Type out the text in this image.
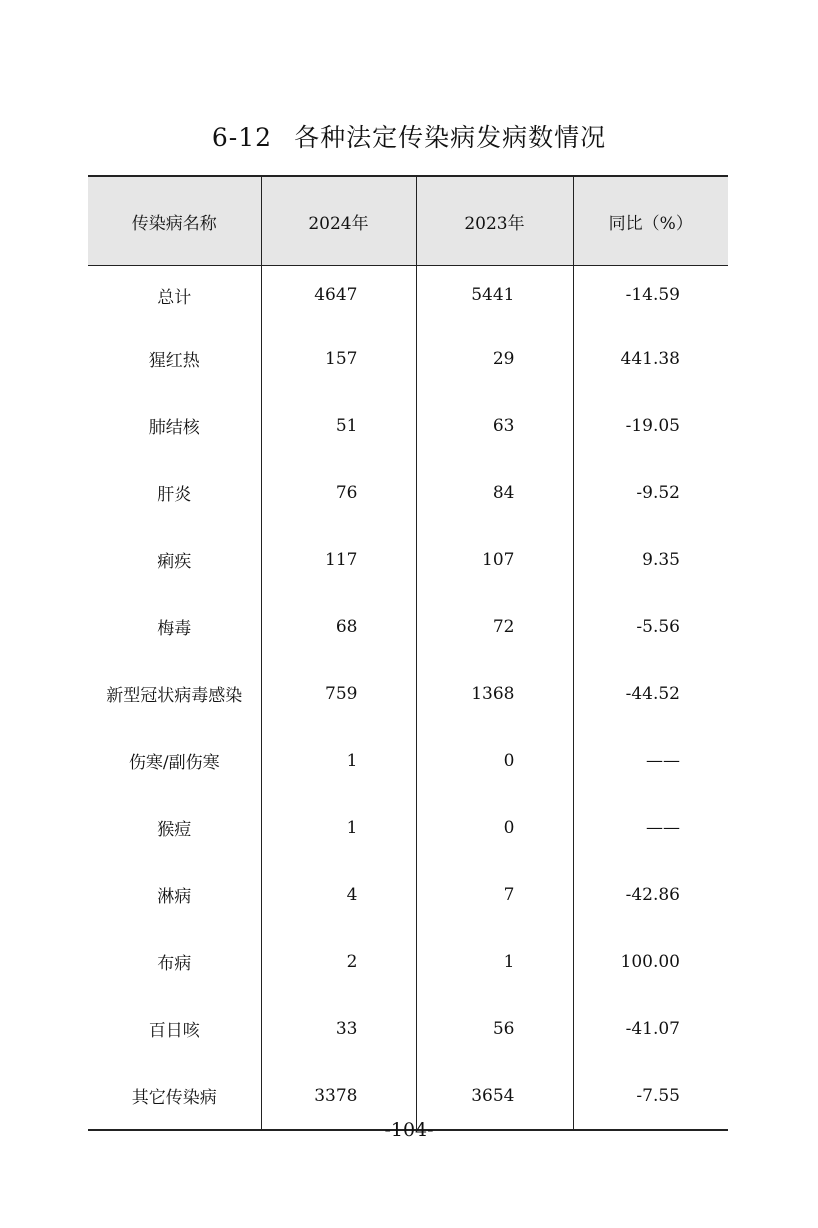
6-12 各种法定传染病发病数情况
传染病名称	2024年	2023年	同比（%）
总计	4647	5441	-14.59
猩红热	157	29	441.38
肺结核	51	63	-19.05
肝炎	76	84	-9.52
痢疾	117	107	9.35
梅毒	68	72	-5.56
新型冠状病毒感染	759	1368	-44.52
伤寒/副伤寒	1	0	——
猴痘	1	0	——
淋病	4	7	-42.86
布病	2	1	100.00
百日咳	33	56	-41.07
其它传染病	3378	3654	-7.55
-104-
